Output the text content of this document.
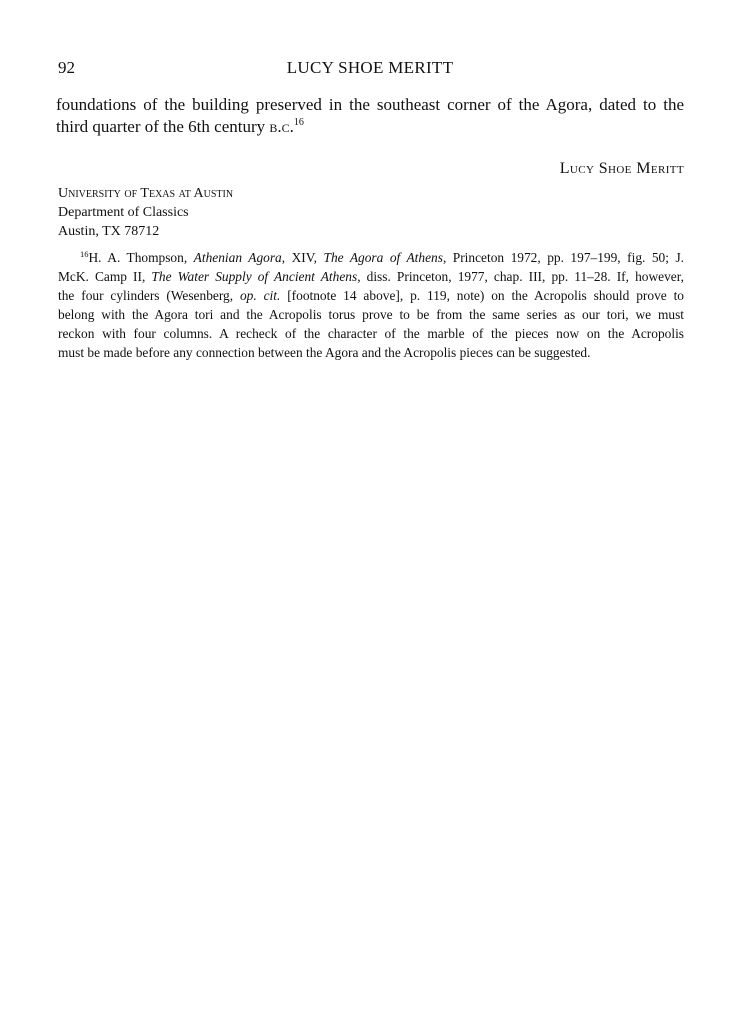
92	LUCY SHOE MERITT
foundations of the building preserved in the southeast corner of the Agora, dated to the
third quarter of the 6th century b.c.$^{16}$
Lucy Shoe Meritt
University of Texas at Austin
Department of Classics
Austin, TX 78712
$^{16}$H. A. Thompson, Athenian Agora, XIV, The Agora of Athens, Princeton 1972, pp. 197–199, fig. 50; J.
McK. Camp II, The Water Supply of Ancient Athens, diss. Princeton, 1977, chap. III, pp. 11–28. If, however,
the four cylinders (Wesenberg, op. cit. [footnote 14 above], p. 119, note) on the Acropolis should prove to
belong with the Agora tori and the Acropolis torus prove to be from the same series as our tori, we must
reckon with four columns. A recheck of the character of the marble of the pieces now on the Acropolis
must be made before any connection between the Agora and the Acropolis pieces can be suggested.
